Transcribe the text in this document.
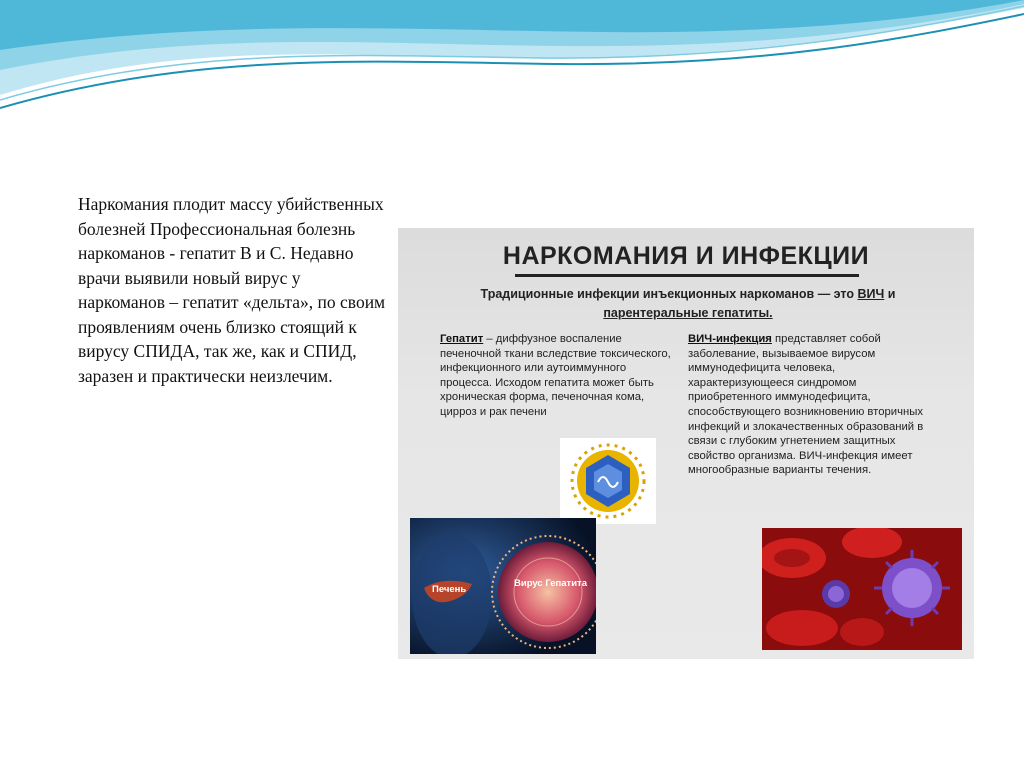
Наркомания плодит массу убийственных болезней Профессиональная болезнь наркоманов - гепатит В и С. Недавно врачи выявили новый вирус у наркоманов – гепатит «дельта», по своим проявлениям очень близко стоящий к вирусу СПИДА, так же, как и СПИД, заразен и практически неизлечим.
НАРКОМАНИЯ И ИНФЕКЦИИ
Традиционные инфекции инъекционных наркоманов — это ВИЧ и
парентеральные гепатиты.
Гепатит – диффузное воспаление печеночной ткани вследствие токсического, инфекционного или аутоиммунного процесса. Исходом гепатита может быть хроническая форма, печеночная кома, цирроз и рак печени
ВИЧ-инфекция представляет собой заболевание, вызываемое вирусом иммунодефицита человека, характеризующееся синдромом приобретенного иммунодефицита, способствующего возникновению вторичных инфекций и злокачественных образований в связи с глубоким угнетением защитных свойство организма. ВИЧ-инфекция имеет многообразные варианты течения.
Печень
Вирус Гепатита
